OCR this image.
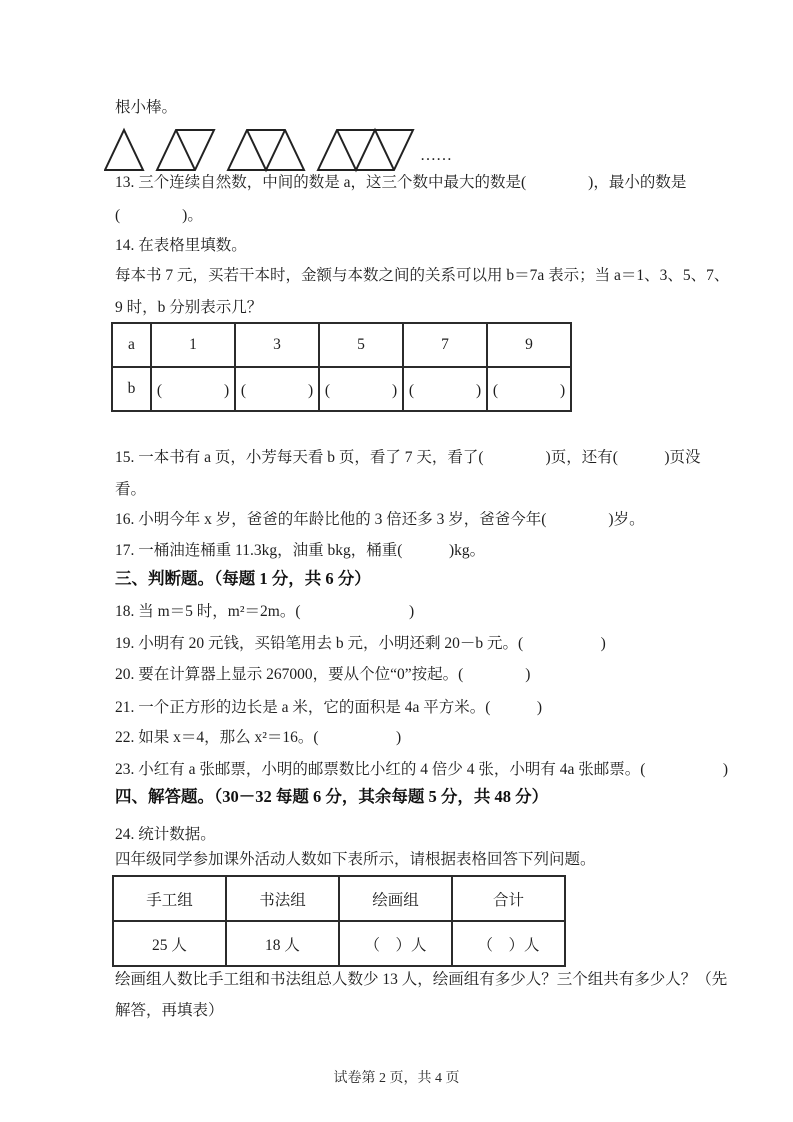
根小棒。
……
13. 三个连续自然数，中间的数是 a，这三个数中最大的数是(　　　　)，最小的数是
(　　　　)。
14. 在表格里填数。
每本书 7 元，买若干本时，金额与本数之间的关系可以用 b＝7a 表示；当 a＝1、3、5、7、
9 时，b 分别表示几？
a	1	3	5	7	9
b	(　　　　)	(　　　　)	(　　　　)	(　　　　)	(　　　　)
15. 一本书有 a 页，小芳每天看 b 页，看了 7 天，看了(　　　　)页，还有(　　　)页没
看。
16. 小明今年 x 岁，爸爸的年龄比他的 3 倍还多 3 岁，爸爸今年(　　　　)岁。
17. 一桶油连桶重 11.3kg，油重 bkg，桶重(　　　)kg。
三、判断题。（每题 1 分，共 6 分）
18. 当 m＝5 时，m²＝2m。(　　　　　　　)
19. 小明有 20 元钱，买铅笔用去 b 元，小明还剩 20－b 元。(　　　　　)
20. 要在计算器上显示 267000，要从个位“0”按起。(　　　　)
21. 一个正方形的边长是 a 米，它的面积是 4a 平方米。(　　　)
22. 如果 x＝4，那么 x²＝16。(　　　　　)
23. 小红有 a 张邮票，小明的邮票数比小红的 4 倍少 4 张，小明有 4a 张邮票。(　　　　　)
四、解答题。（30－32 每题 6 分，其余每题 5 分，共 48 分）
24. 统计数据。
四年级同学参加课外活动人数如下表所示，请根据表格回答下列问题。
手工组	书法组	绘画组	合计
25 人	18 人	（　）人	（　）人
绘画组人数比手工组和书法组总人数少 13 人，绘画组有多少人？三个组共有多少人？（先
解答，再填表）
试卷第 2 页，共 4 页
